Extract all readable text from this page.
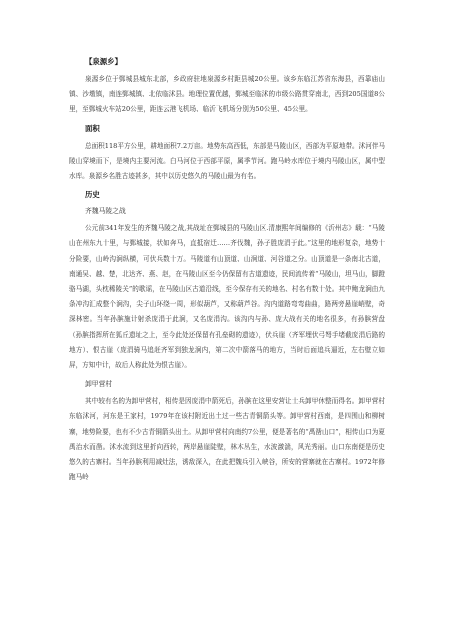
【泉源乡】

泉源乡位于鄄城县城东北部，乡政府驻地泉源乡村距县城20公里。该乡东临江苏省东海县，西靠庙山镇、沙墩镇，南连鄄城镇、北依临沭县。地理位置优越，鄄城至临沭的市级公路贯穿南北，西到205国道8公里，至鄄城火车站20公里，距连云港飞机场、临沂飞机场分别为50公里、45公里。

面积

总面积118平方公里，耕地面积7.2万亩。地势东高西低，东部是马陵山区，西部为平原地带。沭河伴马陵山穿境而下，是境内主要河流。白马河位于西部平原，属季节河。跑马岭水库位于境内马陵山区，属中型水库。泉源乡名胜古迹甚多，其中以历史悠久的马陵山最为有名。

历史
齐魏马陵之战

公元前341年发生的齐魏马陵之战,其战址在鄄城县的马陵山区.清康熙年间编修的《沂州志》载：“马陵山在州东九十里，与鄄城接，状如奔马，直抵宿迁……齐伐魏，孙子胜庞涓于此。”这里的地形复杂，地势十分险要，山岭沟涧纵横，可伏兵数十万。马陵道有山顶道、山涧道、河谷道之分。山顶道是一条南北古道，南通吴、越、楚，北达齐、燕、赵，在马陵山区至今仍保留有古道遗迹，民间流传着“马陵山，坦马山，脚蹬骆马湖，头枕稀陵关”的歌谣，在马陵山区古道沿线，至今保存有关的地名、村名有数十处。其中鲍龙涧由九条冲沟汇成整个涧沟，尖子山环绕一周，形似葫芦，又称葫芦谷。沟内道路弯弯曲曲，路两旁悬崖峭壁，奇深林密。当年孙膑施计射杀庞涓于此涧，又名庞涓沟。该沟内与孙、庞大战有关的地名很多，有孙膑营盘（孙膑指挥所在狐丘遗址之上，至今此处还保留有孔垒砌的遗迹），伏兵崖（齐军埋伏弓弩手堵截庞涓后路的地方）、恨古崖（庞涓骑马追赶齐军到独龙涧内，第二次中箭落马的地方，当时后面追兵逼近，左右壁立如屏，方知中计，故后人称此处为恨古崖）。

卸甲营村

其中较有名的为卸甲营村，相传是因庞涓中箭死后，孙膑在这里安营让士兵卸甲休整而得名。卸甲营村东临沭河，河东是王家村，1979年在该村附近出土过一些古青铜箭头等。卸甲营村西南，是四围山和柳树寨，地势险要，也有不少古青铜箭头出土。从卸甲营村向南约7公里，便是著名的“禹凿山口”，相传山口为夏禹治水而凿。沭水流到这里折向西转，两岸悬崖陡壁，林木丛生，水波激湍，风光秀丽。山口东南便是历史悠久的古寨村。当年孙膑利用减灶法，诱敌深入，在此把魏兵引入峡谷，所安的营寨就在古寨村。1972年修跑马岭
